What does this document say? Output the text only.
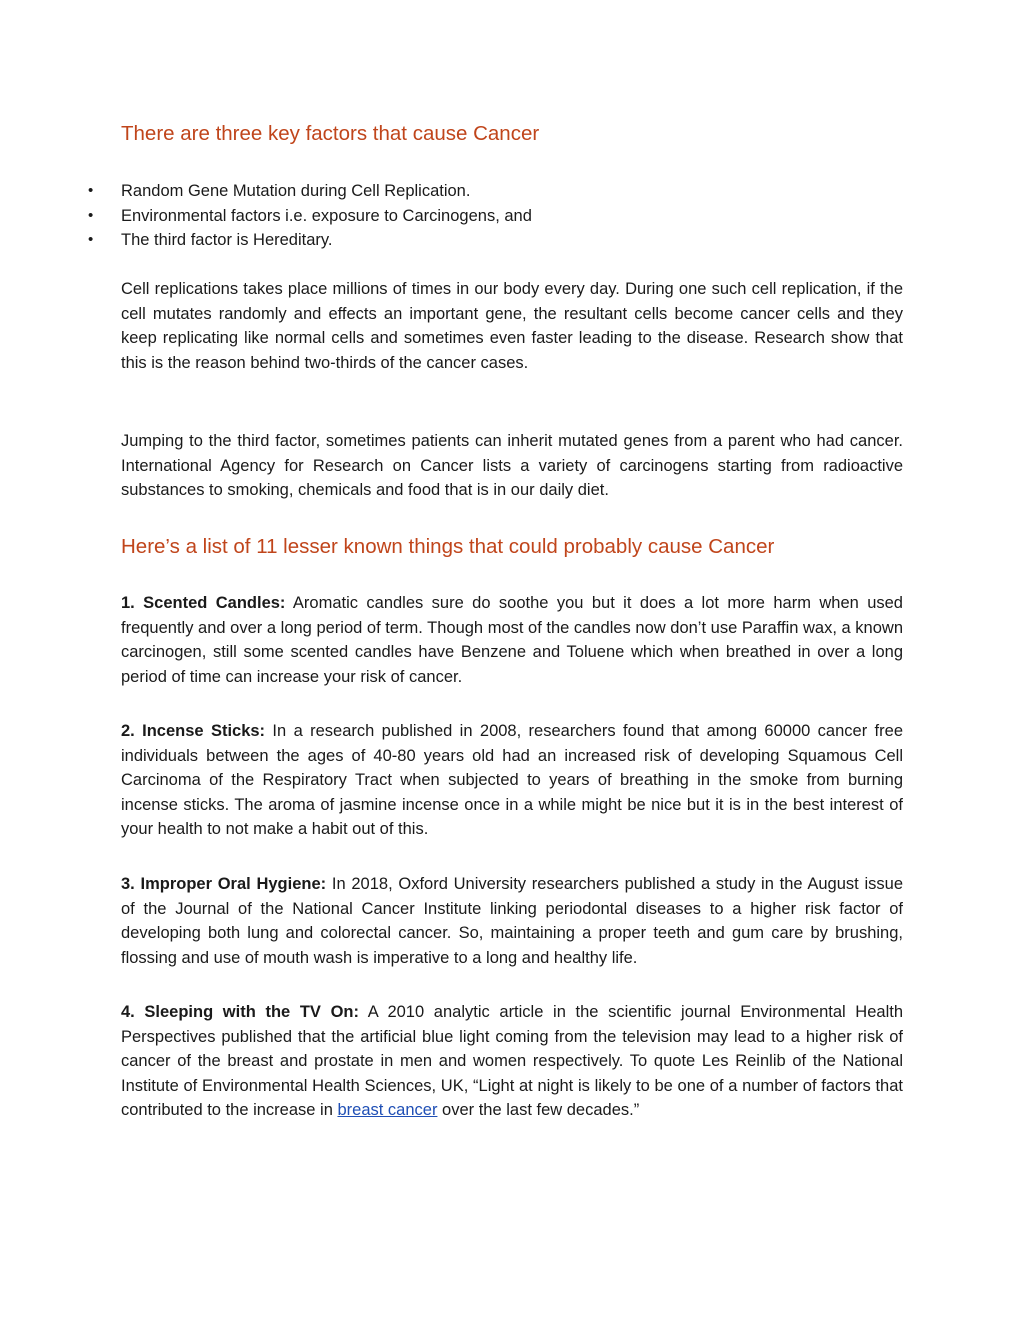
There are three key factors that cause Cancer
• Random Gene Mutation during Cell Replication.
• Environmental factors i.e. exposure to Carcinogens, and
• The third factor is Hereditary.

Cell replications takes place millions of times in our body every day. During one such cell replication, if the cell mutates randomly and effects an important gene, the resultant cells become cancer cells and they keep replicating like normal cells and sometimes even faster leading to the disease. Research show that this is the reason behind two-thirds of the cancer cases.

Jumping to the third factor, sometimes patients can inherit mutated genes from a parent who had cancer. International Agency for Research on Cancer lists a variety of carcinogens starting from radioactive substances to smoking, chemicals and food that is in our daily diet.

Here’s a list of 11 lesser known things that could probably cause Cancer

1. Scented Candles: Aromatic candles sure do soothe you but it does a lot more harm when used frequently and over a long period of term. Though most of the candles now don’t use Paraffin wax, a known carcinogen, still some scented candles have Benzene and Toluene which when breathed in over a long period of time can increase your risk of cancer.

2. Incense Sticks: In a research published in 2008, researchers found that among 60000 cancer free individuals between the ages of 40-80 years old had an increased risk of developing Squamous Cell Carcinoma of the Respiratory Tract when subjected to years of breathing in the smoke from burning incense sticks. The aroma of jasmine incense once in a while might be nice but it is in the best interest of your health to not make a habit out of this.

3. Improper Oral Hygiene: In 2018, Oxford University researchers published a study in the August issue of the Journal of the National Cancer Institute linking periodontal diseases to a higher risk factor of developing both lung and colorectal cancer. So, maintaining a proper teeth and gum care by brushing, flossing and use of mouth wash is imperative to a long and healthy life.

4. Sleeping with the TV On: A 2010 analytic article in the scientific journal Environmental Health Perspectives published that the artificial blue light coming from the television may lead to a higher risk of cancer of the breast and prostate in men and women respectively. To quote Les Reinlib of the National Institute of Environmental Health Sciences, UK, “Light at night is likely to be one of a number of factors that contributed to the increase in breast cancer over the last few decades.”
